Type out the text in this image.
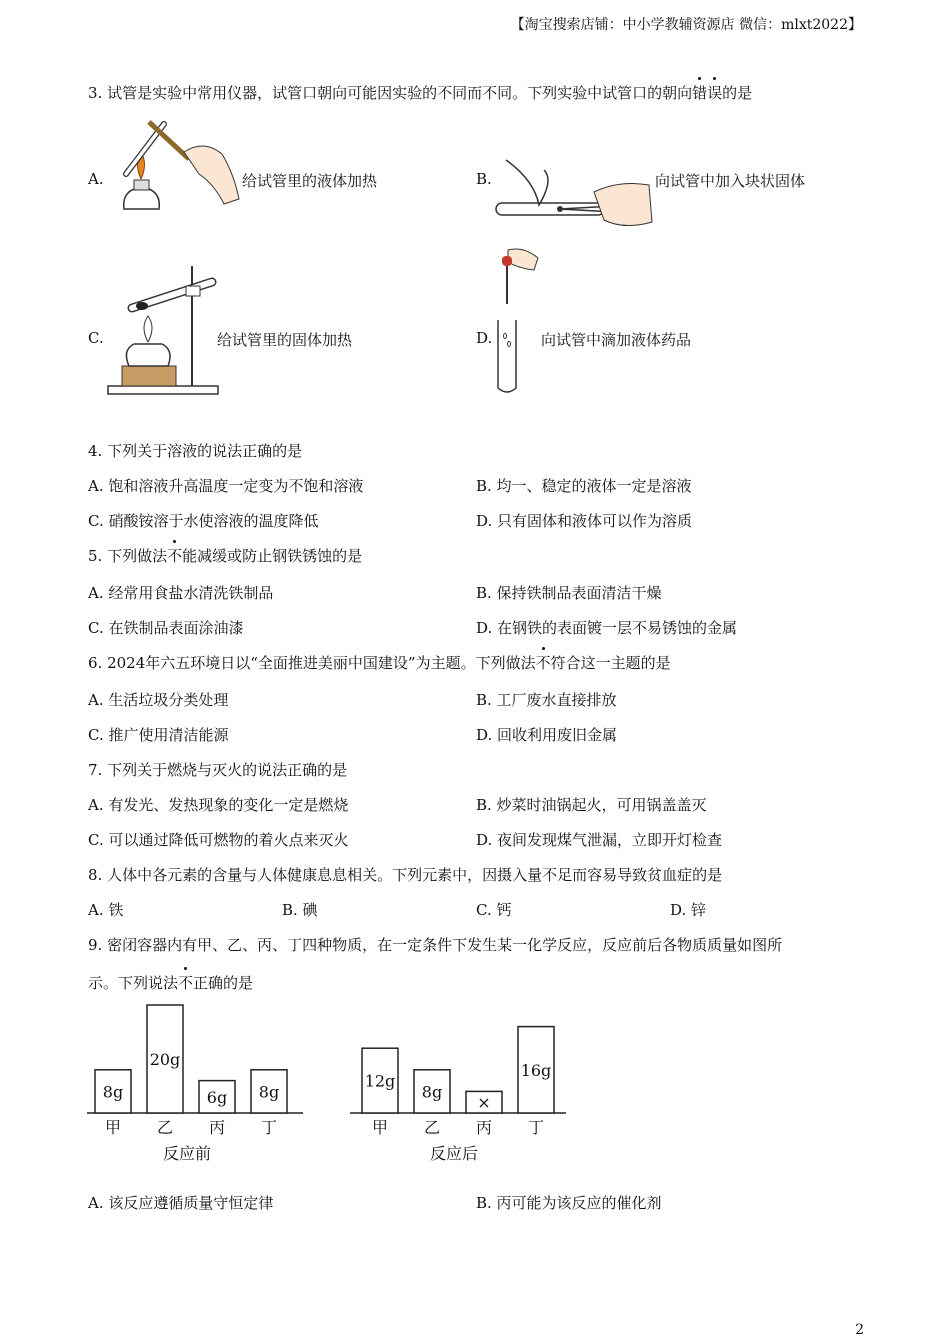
【淘宝搜索店铺：中小学教辅资源店 微信：mlxt2022】
3. 试管是实验中常用仪器，试管口朝向可能因实验的不同而不同。下列实验中试管口的朝向错误的是
A.	给试管里的液体加热	B.	向试管中加入块状固体
C.	给试管里的固体加热	D.	向试管中滴加液体药品
4. 下列关于溶液的说法正确的是
A. 饱和溶液升高温度一定变为不饱和溶液	B. 均一、稳定的液体一定是溶液
C. 硝酸铵溶于水使溶液的温度降低	D. 只有固体和液体可以作为溶质
5. 下列做法不能减缓或防止钢铁锈蚀的是
A. 经常用食盐水清洗铁制品	B. 保持铁制品表面清洁干燥
C. 在铁制品表面涂油漆	D. 在钢铁的表面镀一层不易锈蚀的金属
6. 2024年六五环境日以“全面推进美丽中国建设”为主题。下列做法不符合这一主题的是
A. 生活垃圾分类处理	B. 工厂废水直接排放
C. 推广使用清洁能源	D. 回收利用废旧金属
7. 下列关于燃烧与灭火的说法正确的是
A. 有发光、发热现象的变化一定是燃烧	B. 炒菜时油锅起火，可用锅盖盖灭
C. 可以通过降低可燃物的着火点来灭火	D. 夜间发现煤气泄漏，立即开灯检查
8. 人体中各元素的含量与人体健康息息相关。下列元素中，因摄入量不足而容易导致贫血症的是
A. 铁	B. 碘	C. 钙	D. 锌
9. 密闭容器内有甲、乙、丙、丁四种物质，在一定条件下发生某一化学反应，反应前后各物质质量如图所
示。下列说法不正确的是
8g
甲
20g
乙
6g
丙
8g
丁
反应前
12g
甲
8g
乙
×
丙
16g
丁
反应后
A. 该反应遵循质量守恒定律	B. 丙可能为该反应的催化剂
2
